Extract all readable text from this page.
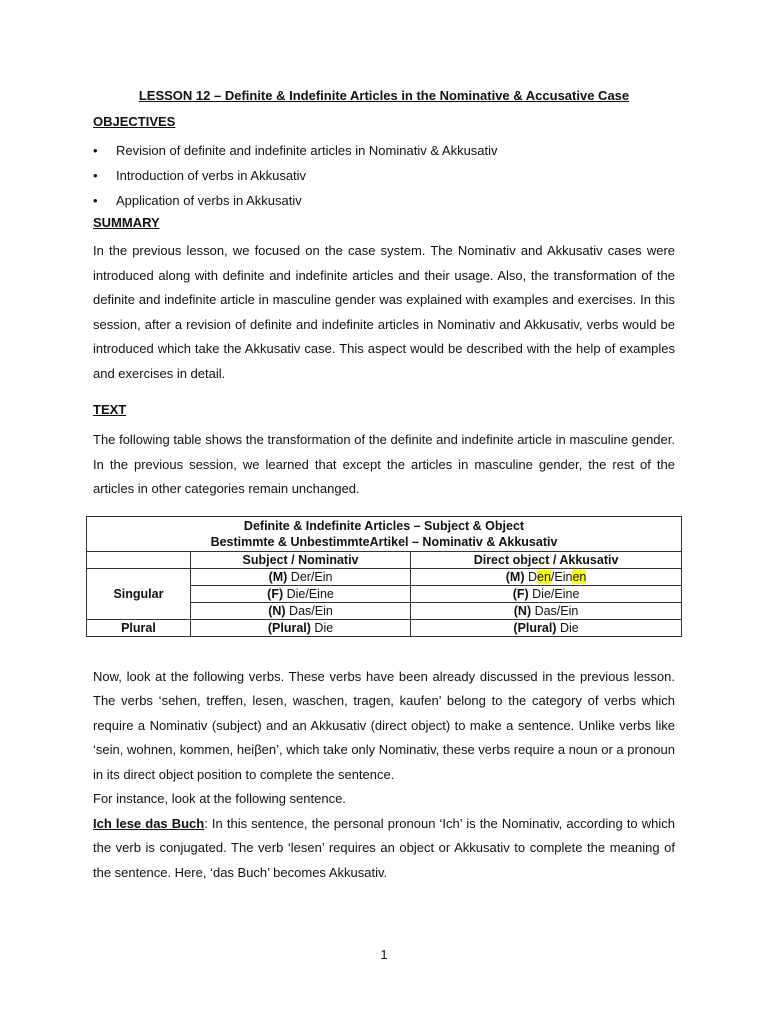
LESSON 12 – Definite & Indefinite Articles in the Nominative & Accusative Case
OBJECTIVES
• Revision of definite and indefinite articles in Nominativ & Akkusativ
• Introduction of verbs in Akkusativ
• Application of verbs in Akkusativ
SUMMARY

In the previous lesson, we focused on the case system. The Nominativ and Akkusativ cases were introduced along with definite and indefinite articles and their usage. Also, the transformation of the definite and indefinite article in masculine gender was explained with examples and exercises. In this session, after a revision of definite and indefinite articles in Nominativ and Akkusativ, verbs would be introduced which take the Akkusativ case. This aspect would be described with the help of examples and exercises in detail.

TEXT

The following table shows the transformation of the definite and indefinite article in masculine gender. In the previous session, we learned that except the articles in masculine gender, the rest of the articles in other categories remain unchanged.

Definite & Indefinite Articles – Subject & Object
Bestimmte & UnbestimmteArtikel – Nominativ & Akkusativ		

	Subject / Nominativ	Direct object / Akkusativ
Singular	(M) Der/Ein	(M) Den/Einen
	(F) Die/Eine	(F) Die/Eine
	(N) Das/Ein	(N) Das/Ein
Plural	(Plural) Die	(Plural) Die

Now, look at the following verbs. These verbs have been already discussed in the previous lesson. The verbs ‘sehen, treffen, lesen, waschen, tragen, kaufen’ belong to the category of verbs which require a Nominativ (subject) and an Akkusativ (direct object) to make a sentence. Unlike verbs like ‘sein, wohnen, kommen, heiβen’, which take only Nominativ, these verbs require a noun or a pronoun in its direct object position to complete the sentence.

For instance, look at the following sentence.

Ich lese das Buch: In this sentence, the personal pronoun ‘Ich’ is the Nominativ, according to which the verb is conjugated. The verb ‘lesen’ requires an object or Akkusativ to complete the meaning of the sentence. Here, ‘das Buch’ becomes Akkusativ.

1
